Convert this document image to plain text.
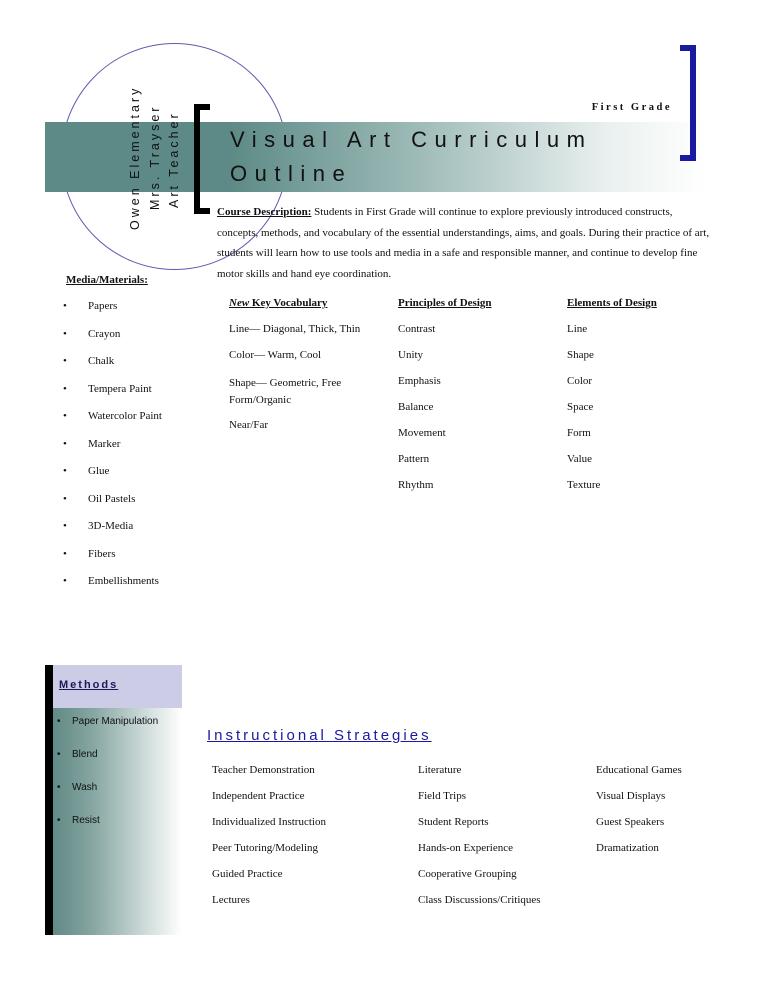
Owen Elementary Mrs. Trayser Art Teacher
First Grade
Visual Art Curriculum
Outline
Course Description: Students in First Grade will continue to explore previously introduced constructs, concepts, methods, and vocabulary of the essential understandings, aims, and goals. During their practice of art, students will learn how to use tools and media in a safe and responsible manner, and continue to develop fine motor skills and hand eye coordination.
Media/Materials:
• Papers
• Crayon
• Chalk
• Tempera Paint
• Watercolor Paint
• Marker
• Glue
• Oil Pastels
• 3D-Media
• Fibers
• Embellishments
New Key Vocabulary
Line— Diagonal, Thick, Thin
Color— Warm, Cool
Shape— Geometric, Free Form/Organic
Near/Far
Principles of Design
Contrast
Unity
Emphasis
Balance
Movement
Pattern
Rhythm
Elements of Design
Line
Shape
Color
Space
Form
Value
Texture
Methods
• Paper Manipulation
• Blend
• Wash
• Resist
Instructional Strategies
Teacher Demonstration
Independent Practice
Individualized Instruction
Peer Tutoring/Modeling
Guided Practice
Lectures
Literature
Field Trips
Student Reports
Hands-on Experience
Cooperative Grouping
Class Discussions/Critiques
Educational Games
Visual Displays
Guest Speakers
Dramatization
